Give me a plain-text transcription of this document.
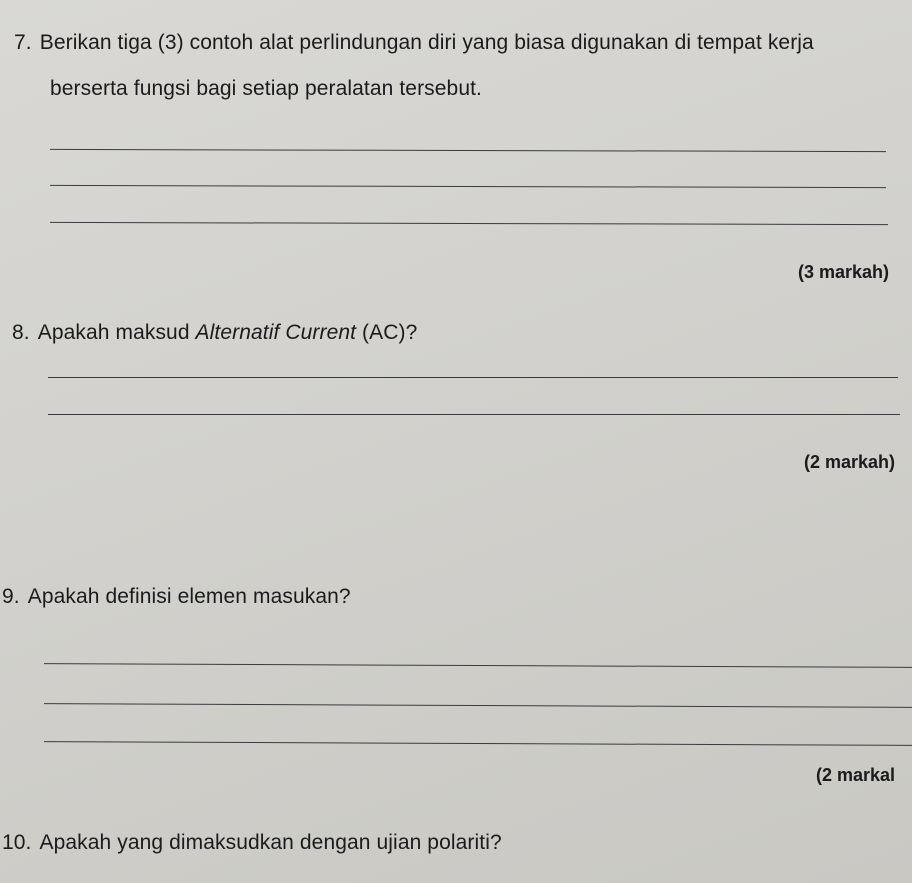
7. Berikan tiga (3) contoh alat perlindungan diri yang biasa digunakan di tempat kerja
berserta fungsi bagi setiap peralatan tersebut.
(3 markah)
8. Apakah maksud Alternatif Current (AC)?
(2 markah)
9. Apakah definisi elemen masukan?
(2 markal
10. Apakah yang dimaksudkan dengan ujian polariti?
